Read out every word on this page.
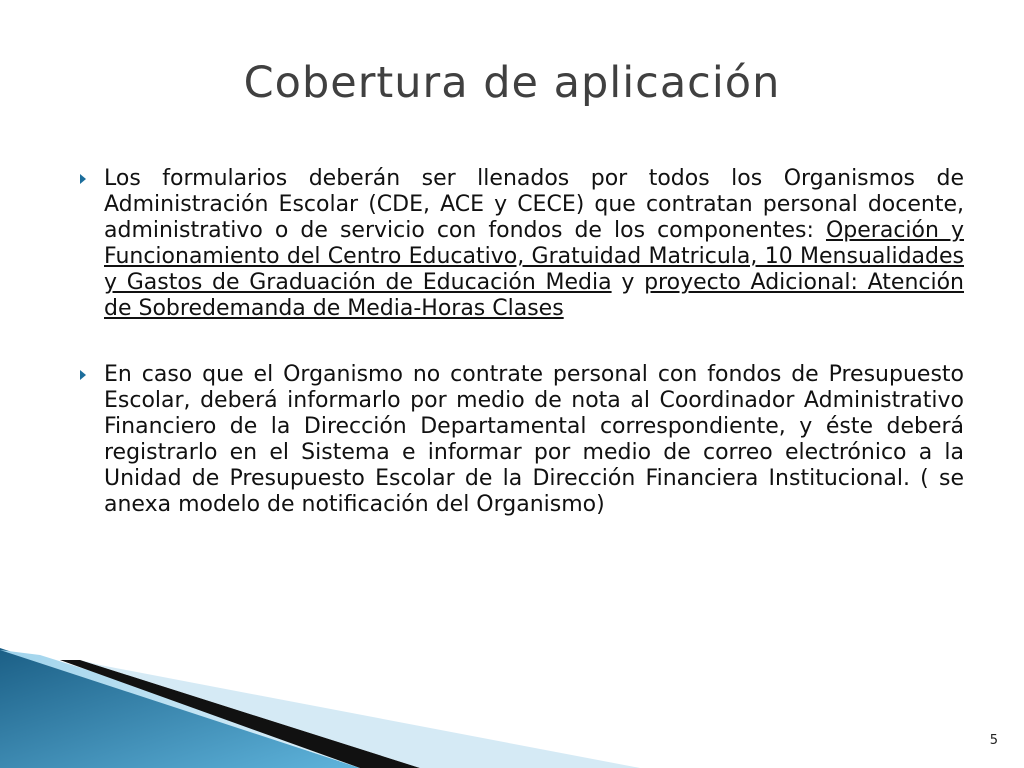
Cobertura de aplicación
Los formularios deberán ser llenados por todos los Organismos de Administración Escolar (CDE, ACE y CECE) que contratan personal docente, administrativo o de servicio con fondos de los componentes: Operación y Funcionamiento del Centro Educativo, Gratuidad Matricula, 10 Mensualidades y Gastos de Graduación de Educación Media y proyecto Adicional: Atención de Sobredemanda de Media-Horas Clases
En caso que el Organismo no contrate personal con fondos de Presupuesto Escolar, deberá informarlo por medio de nota al Coordinador Administrativo Financiero de la Dirección Departamental correspondiente, y éste deberá registrarlo en el Sistema e informar por medio de correo electrónico a la Unidad de Presupuesto Escolar de la Dirección Financiera Institucional. ( se anexa modelo de notificación del Organismo)
5
